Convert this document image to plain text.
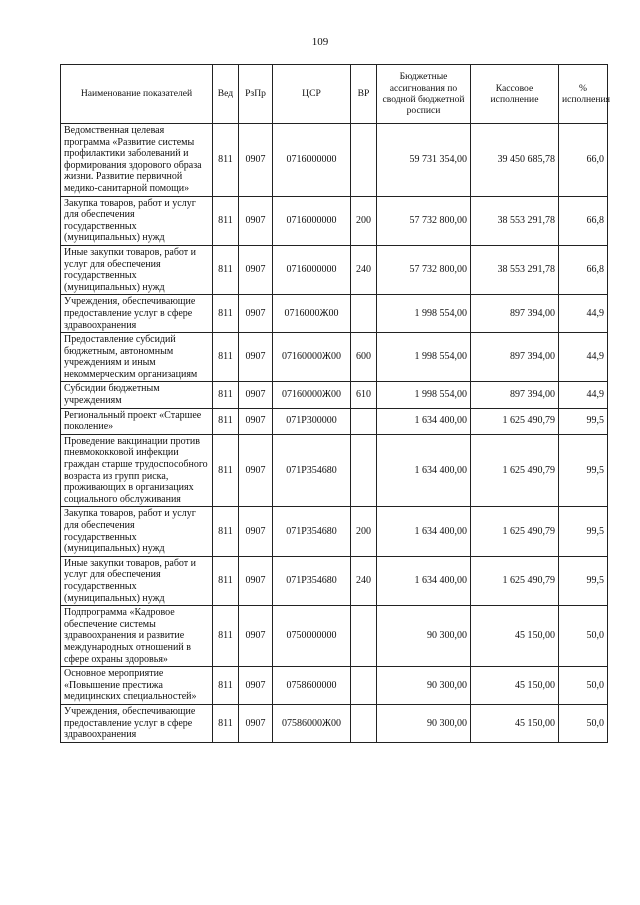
109
Наименование показателей	Вед	РзПр	ЦСР	ВР	Бюджетные ассигнования по сводной бюджетной росписи	Кассовое исполнение	% исполнения
Ведомственная целевая программа «Развитие системы профилактики заболеваний и формирования здорового образа жизни. Развитие первичной медико-санитарной помощи»	811	0907	0716000000		59 731 354,00	39 450 685,78	66,0
Закупка товаров, работ и услуг для обеспечения государственных (муниципальных) нужд	811	0907	0716000000	200	57 732 800,00	38 553 291,78	66,8
Иные закупки товаров, работ и услуг для обеспечения государственных (муниципальных) нужд	811	0907	0716000000	240	57 732 800,00	38 553 291,78	66,8
Учреждения, обеспечивающие предоставление услуг в сфере здравоохранения	811	0907	0716000Ж00		1 998 554,00	897 394,00	44,9
Предоставление субсидий бюджетным, автономным учреждениям и иным некоммерческим организациям	811	0907	07160000Ж00	600	1 998 554,00	897 394,00	44,9
Субсидии бюджетным учреждениям	811	0907	07160000Ж00	610	1 998 554,00	897 394,00	44,9
Региональный проект «Старшее поколение»	811	0907	071P300000		1 634 400,00	1 625 490,79	99,5
Проведение вакцинации против пневмококковой инфекции граждан старше трудоспособного возраста из групп риска, проживающих в организациях социального обслуживания	811	0907	071P354680		1 634 400,00	1 625 490,79	99,5
Закупка товаров, работ и услуг для обеспечения государственных (муниципальных) нужд	811	0907	071P354680	200	1 634 400,00	1 625 490,79	99,5
Иные закупки товаров, работ и услуг для обеспечения государственных (муниципальных) нужд	811	0907	071P354680	240	1 634 400,00	1 625 490,79	99,5
Подпрограмма «Кадровое обеспечение системы здравоохранения и развитие международных отношений в сфере охраны здоровья»	811	0907	0750000000		90 300,00	45 150,00	50,0
Основное мероприятие «Повышение престижа медицинских специальностей»	811	0907	0758600000		90 300,00	45 150,00	50,0
Учреждения, обеспечивающие предоставление услуг в сфере здравоохранения	811	0907	07586000Ж00		90 300,00	45 150,00	50,0
